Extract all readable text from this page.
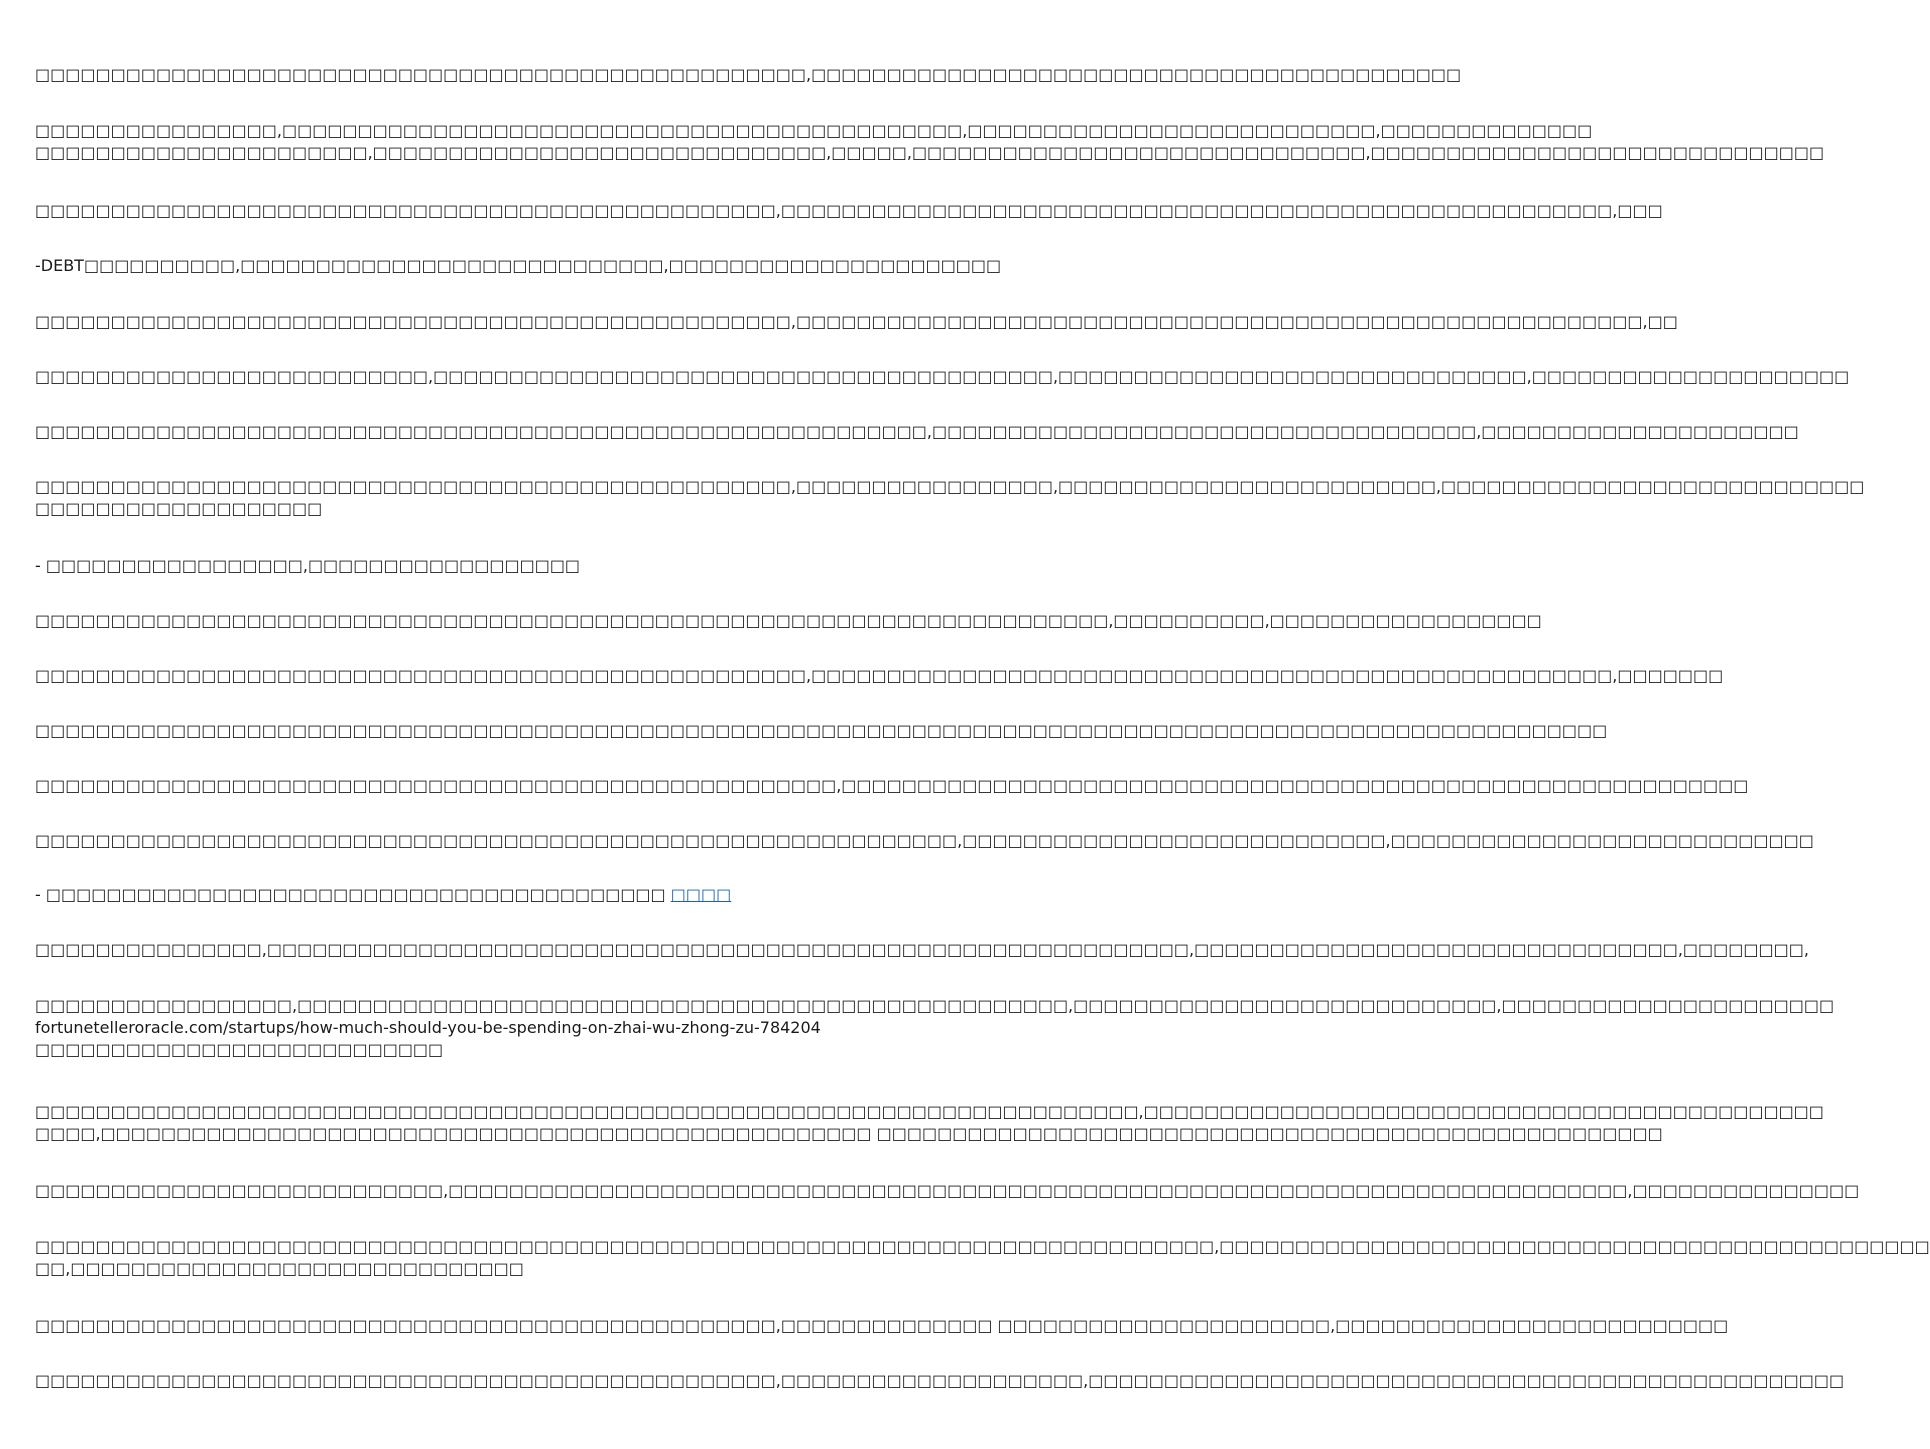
□□□□□□□□□□□□□□□□□□□□□□□□□□□□□□□□□□□□□□□□□□□□□□□□□□□,□□□□□□□□□□□□□□□□□□□□□□□□□□□□□□□□□□□□□□□□□□□
□□□□□□□□□□□□□□□□,□□□□□□□□□□□□□□□□□□□□□□□□□□□□□□□□□□□□□□□□□□□□□,□□□□□□□□□□□□□□□□□□□□□□□□□□□,□□□□□□□□□□□□□□
□□□□□□□□□□□□□□□□□□□□□□,□□□□□□□□□□□□□□□□□□□□□□□□□□□□□□,□□□□□,□□□□□□□□□□□□□□□□□□□□□□□□□□□□□□,□□□□□□□□□□□□□□□□□□□□□□□□□□□□□□
□□□□□□□□□□□□□□□□□□□□□□□□□□□□□□□□□□□□□□□□□□□□□□□□□,□□□□□□□□□□□□□□□□□□□□□□□□□□□□□□□□□□□□□□□□□□□□□□□□□□□□□□□,□□□
-DEBT□□□□□□□□□□,□□□□□□□□□□□□□□□□□□□□□□□□□□□□,□□□□□□□□□□□□□□□□□□□□□□
□□□□□□□□□□□□□□□□□□□□□□□□□□□□□□□□□□□□□□□□□□□□□□□□□□,□□□□□□□□□□□□□□□□□□□□□□□□□□□□□□□□□□□□□□□□□□□□□□□□□□□□□□□□,□□
□□□□□□□□□□□□□□□□□□□□□□□□□□,□□□□□□□□□□□□□□□□□□□□□□□□□□□□□□□□□□□□□□□□□,□□□□□□□□□□□□□□□□□□□□□□□□□□□□□□□,□□□□□□□□□□□□□□□□□□□□□
□□□□□□□□□□□□□□□□□□□□□□□□□□□□□□□□□□□□□□□□□□□□□□□□□□□□□□□□□□□,□□□□□□□□□□□□□□□□□□□□□□□□□□□□□□□□□□□□,□□□□□□□□□□□□□□□□□□□□□
□□□□□□□□□□□□□□□□□□□□□□□□□□□□□□□□□□□□□□□□□□□□□□□□□□,□□□□□□□□□□□□□□□□□,□□□□□□□□□□□□□□□□□□□□□□□□□,□□□□□□□□□□□□□□□□□□□□□□□□□□□□
□□□□□□□□□□□□□□□□□□□
- □□□□□□□□□□□□□□□□□,□□□□□□□□□□□□□□□□□□
□□□□□□□□□□□□□□□□□□□□□□□□□□□□□□□□□□□□□□□□□□□□□□□□□□□□□□□□□□□□□□□□□□□□□□□,□□□□□□□□□□,□□□□□□□□□□□□□□□□□□
□□□□□□□□□□□□□□□□□□□□□□□□□□□□□□□□□□□□□□□□□□□□□□□□□□□,□□□□□□□□□□□□□□□□□□□□□□□□□□□□□□□□□□□□□□□□□□□□□□□□□□□□□,□□□□□□□
□□□□□□□□□□□□□□□□□□□□□□□□□□□□□□□□□□□□□□□□□□□□□□□□□□□□□□□□□□□□□□□□□□□□□□□□□□□□□□□□□□□□□□□□□□□□□□□□□□□□□□□□
□□□□□□□□□□□□□□□□□□□□□□□□□□□□□□□□□□□□□□□□□□□□□□□□□□□□□,□□□□□□□□□□□□□□□□□□□□□□□□□□□□□□□□□□□□□□□□□□□□□□□□□□□□□□□□□□□□
□□□□□□□□□□□□□□□□□□□□□□□□□□□□□□□□□□□□□□□□□□□□□□□□□□□□□□□□□□□□□,□□□□□□□□□□□□□□□□□□□□□□□□□□□□,□□□□□□□□□□□□□□□□□□□□□□□□□□□□
- □□□□□□□□□□□□□□□□□□□□□□□□□□□□□□□□□□□□□□□□□ □□□□
□□□□□□□□□□□□□□□,□□□□□□□□□□□□□□□□□□□□□□□□□□□□□□□□□□□□□□□□□□□□□□□□□□□□□□□□□□□□□,□□□□□□□□□□□□□□□□□□□□□□□□□□□□□□□□,□□□□□□□□,
□□□□□□□□□□□□□□□□□,□□□□□□□□□□□□□□□□□□□□□□□□□□□□□□□□□□□□□□□□□□□□□□□□□□□,□□□□□□□□□□□□□□□□□□□□□□□□□□□□,□□□□□□□□□□□□□□□□□□□□□□
fortunetelleroracle.com/startups/how-much-should-you-be-spending-on-zhai-wu-zhong-zu-784204
□□□□□□□□□□□□□□□□□□□□□□□□□□□
□□□□□□□□□□□□□□□□□□□□□□□□□□□□□□□□□□□□□□□□□□□□□□□□□□□□□□□□□□□□□□□□□□□□□□□□□,□□□□□□□□□□□□□□□□□□□□□□□□□□□□□□□□□□□□□□□□□□□□□
□□□□,□□□□□□□□□□□□□□□□□□□□□□□□□□□□□□□□□□□□□□□□□□□□□□□□□□□ □□□□□□□□□□□□□□□□□□□□□□□□□□□□□□□□□□□□□□□□□□□□□□□□□□□□
□□□□□□□□□□□□□□□□□□□□□□□□□□□,□□□□□□□□□□□□□□□□□□□□□□□□□□□□□□□□□□□□□□□□□□□□□□□□□□□□□□□□□□□□□□□□□□□□□□□□□□□□□□,□□□□□□□□□□□□□□□
□□□□□□□□□□□□□□□□□□□□□□□□□□□□□□□□□□□□□□□□□□□□□□□□□□□□□□□□□□□□□□□□□□□□□□□□□□□□□□,□□□□□□□□□□□□□□□□□□□□□□□□□□□□□□□□□□□□□□□□□□□□□□□
□□,□□□□□□□□□□□□□□□□□□□□□□□□□□□□□□
□□□□□□□□□□□□□□□□□□□□□□□□□□□□□□□□□□□□□□□□□□□□□□□□□,□□□□□□□□□□□□□□ □□□□□□□□□□□□□□□□□□□□□□,□□□□□□□□□□□□□□□□□□□□□□□□□□
□□□□□□□□□□□□□□□□□□□□□□□□□□□□□□□□□□□□□□□□□□□□□□□□□,□□□□□□□□□□□□□□□□□□□□,□□□□□□□□□□□□□□□□□□□□□□□□□□□□□□□□□□□□□□□□□□□□□□□□□□
